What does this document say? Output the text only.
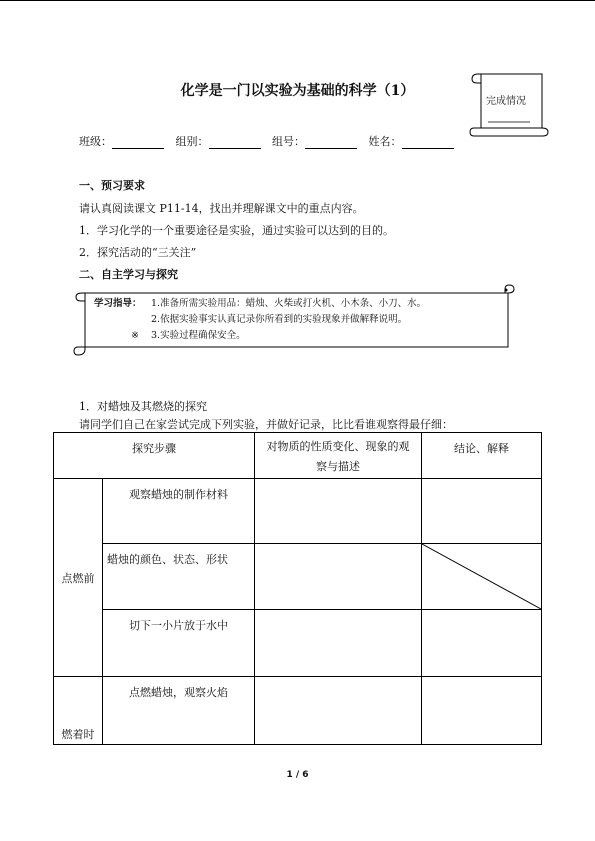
化学是一门以实验为基础的科学（1）
完成情况
班级：	组别：	组号：	姓名：
一、预习要求
请认真阅读课文 P11-14，找出并理解课文中的重点内容。
1．学习化学的一个重要途径是实验，通过实验可以达到的目的。
2．探究活动的“三关注”
二、自主学习与探究
学习指导： 1.准备所需实验用品：蜡烛、火柴或打火机、小木条、小刀、水。
2.依据实验事实认真记录你所看到的实验现象并做解释说明。
※ 3.实验过程确保安全。
1．对蜡烛及其燃烧的探究
请同学们自己在家尝试完成下列实验，并做好记录，比比看谁观察得最仔细：
探究步骤		对物质的性质变化、现象的观察与描述	结论、解释

点燃前	观察蜡烛的制作材料		

	蜡烛的颜色、状态、形状

	切下一小片放于水中		

燃着时	点燃蜡烛，观察火焰		

1 / 6
